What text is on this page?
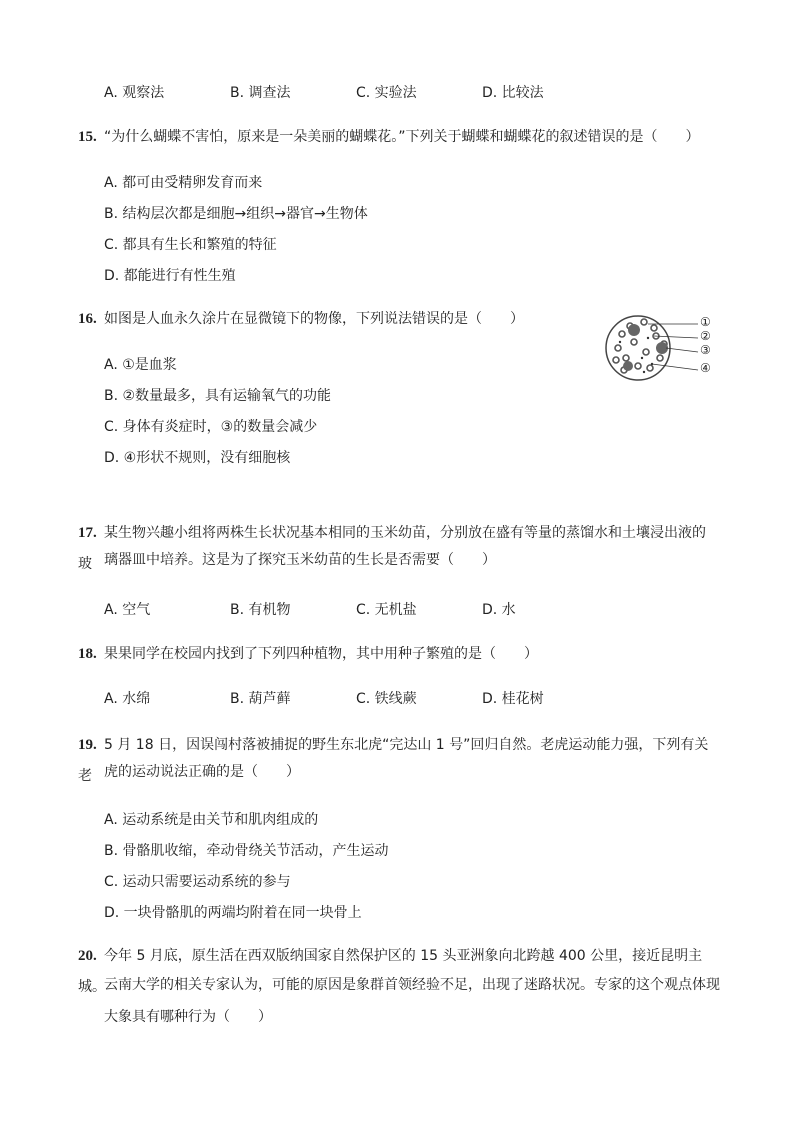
A. 观察法	B. 调查法	C. 实验法	D. 比较法
15. “为什么蝴蝶不害怕，原来是一朵美丽的蝴蝶花。”下列关于蝴蝶和蝴蝶花的叙述错误的是（　　）
A. 都可由受精卵发育而来
B. 结构层次都是细胞→组织→器官→生物体
C. 都具有生长和繁殖的特征
D. 都能进行有性生殖
16. 如图是人血永久涂片在显微镜下的物像，下列说法错误的是（　　）
A. ①是血浆
B. ②数量最多，具有运输氧气的功能
C. 身体有炎症时，③的数量会减少
D. ④形状不规则，没有细胞核
①
②
③
④
17. 某生物兴趣小组将两株生长状况基本相同的玉米幼苗，分别放在盛有等量的蒸馏水和土壤浸出液的玻 璃器皿中培养。这是为了探究玉米幼苗的生长是否需要（　　）
A. 空气	B. 有机物	C. 无机盐	D. 水
18. 果果同学在校园内找到了下列四种植物，其中用种子繁殖的是（　　）
A. 水绵	B. 葫芦藓	C. 铁线蕨	D. 桂花树
19. 5 月 18 日，因误闯村落被捕捉的野生东北虎“完达山 1 号”回归自然。老虎运动能力强，下列有关老 虎的运动说法正确的是（　　）
A. 运动系统是由关节和肌肉组成的
B. 骨骼肌收缩，牵动骨绕关节活动，产生运动
C. 运动只需要运动系统的参与
D. 一块骨骼肌的两端均附着在同一块骨上
20. 今年 5 月底，原生活在西双版纳国家自然保护区的 15 头亚洲象向北跨越 400 公里，接近昆明主城。
云南大学的相关专家认为，可能的原因是象群首领经验不足，出现了迷路状况。专家的这个观点体现
大象具有哪种行为（　　）
